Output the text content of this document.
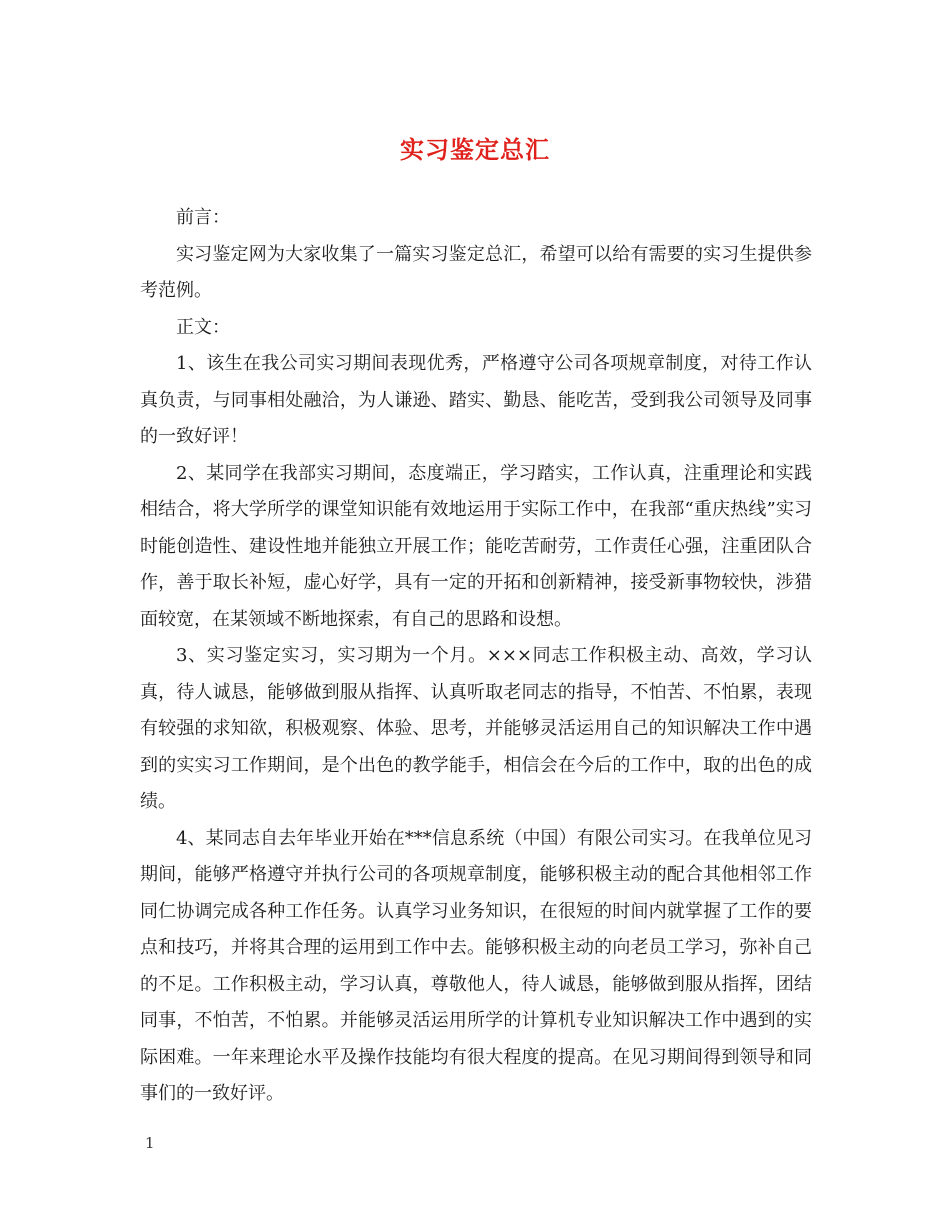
实习鉴定总汇

前言：

实习鉴定网为大家收集了一篇实习鉴定总汇，希望可以给有需要的实习生提供参考范例。

正文：

1、该生在我公司实习期间表现优秀，严格遵守公司各项规章制度，对待工作认真负责，与同事相处融洽，为人谦逊、踏实、勤恳、能吃苦，受到我公司领导及同事的一致好评！

2、某同学在我部实习期间，态度端正，学习踏实，工作认真，注重理论和实践相结合，将大学所学的课堂知识能有效地运用于实际工作中，在我部“重庆热线”实习时能创造性、建设性地并能独立开展工作；能吃苦耐劳，工作责任心强，注重团队合作，善于取长补短，虚心好学，具有一定的开拓和创新精神，接受新事物较快，涉猎面较宽，在某领域不断地探索，有自己的思路和设想。

3、实习鉴定实习，实习期为一个月。×××同志工作积极主动、高效，学习认真，待人诚恳，能够做到服从指挥、认真听取老同志的指导，不怕苦、不怕累，表现有较强的求知欲，积极观察、体验、思考，并能够灵活运用自己的知识解决工作中遇到的实实习工作期间，是个出色的教学能手，相信会在今后的工作中，取的出色的成绩。

4、某同志自去年毕业开始在***信息系统（中国）有限公司实习。在我单位见习期间，能够严格遵守并执行公司的各项规章制度，能够积极主动的配合其他相邻工作同仁协调完成各种工作任务。认真学习业务知识，在很短的时间内就掌握了工作的要点和技巧，并将其合理的运用到工作中去。能够积极主动的向老员工学习，弥补自己的不足。工作积极主动，学习认真，尊敬他人，待人诚恳，能够做到服从指挥，团结同事，不怕苦，不怕累。并能够灵活运用所学的计算机专业知识解决工作中遇到的实际困难。一年来理论水平及操作技能均有很大程度的提高。在见习期间得到领导和同事们的一致好评。

1
